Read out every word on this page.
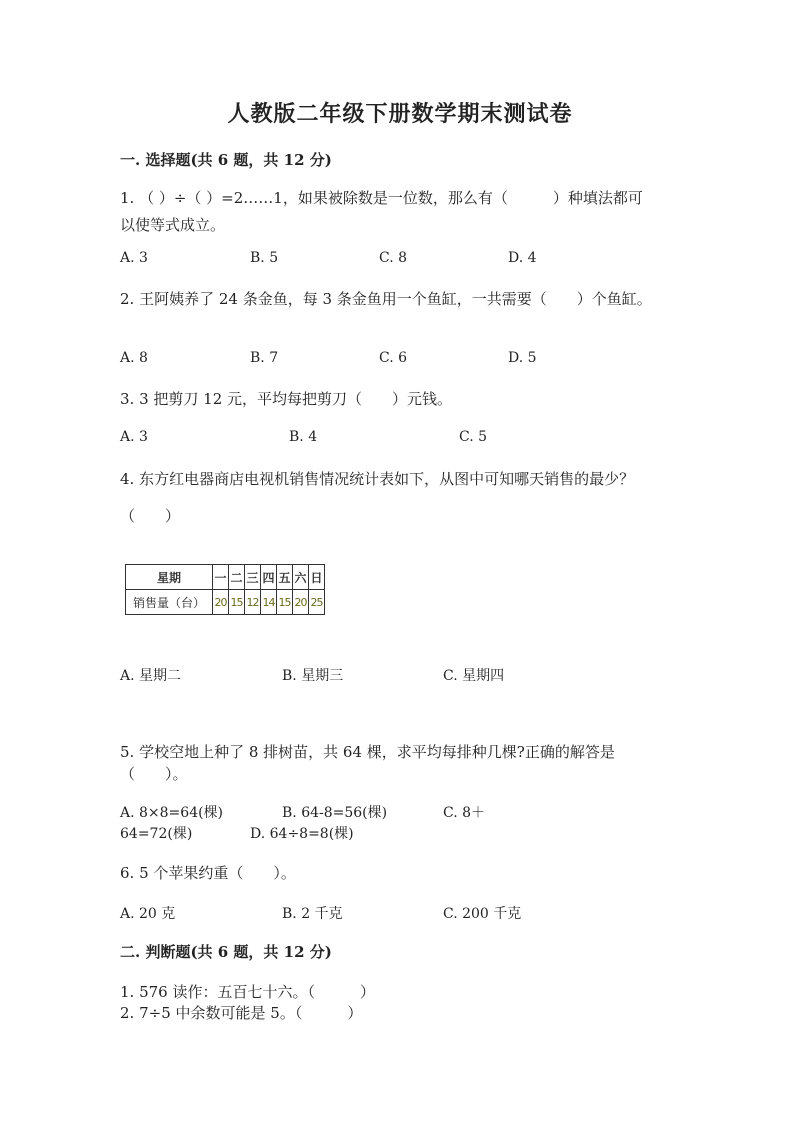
人教版二年级下册数学期末测试卷
一. 选择题(共 6 题，共 12 分)
1. （ ）÷（ ）=2……1，如果被除数是一位数，那么有（　　　）种填法都可
以使等式成立。
A. 3	B. 5	C. 8	D. 4
2. 王阿姨养了 24 条金鱼，每 3 条金鱼用一个鱼缸，一共需要（　　）个鱼缸。
A. 8	B. 7	C. 6	D. 5
3. 3 把剪刀 12 元，平均每把剪刀（　　）元钱。
A. 3	B. 4	C. 5
4. 东方红电器商店电视机销售情况统计表如下，从图中可知哪天销售的最少？
（　　）
星期	一	二	三	四	五	六	日
销售量（台）	20	15	12	14	15	20	25
A. 星期二	B. 星期三	C. 星期四
5. 学校空地上种了 8 排树苗，共 64 棵，求平均每排种几棵?正确的解答是
（　　）。
A. 8×8=64(棵)	B. 64-8=56(棵)	C. 8＋
64=72(棵)	D. 64÷8=8(棵)
6. 5 个苹果约重（　　）。
A. 20 克	B. 2 千克	C. 200 千克
二. 判断题(共 6 题，共 12 分)
1. 576 读作：五百七十六。（　　　）
2. 7÷5 中余数可能是 5。（　　　）
